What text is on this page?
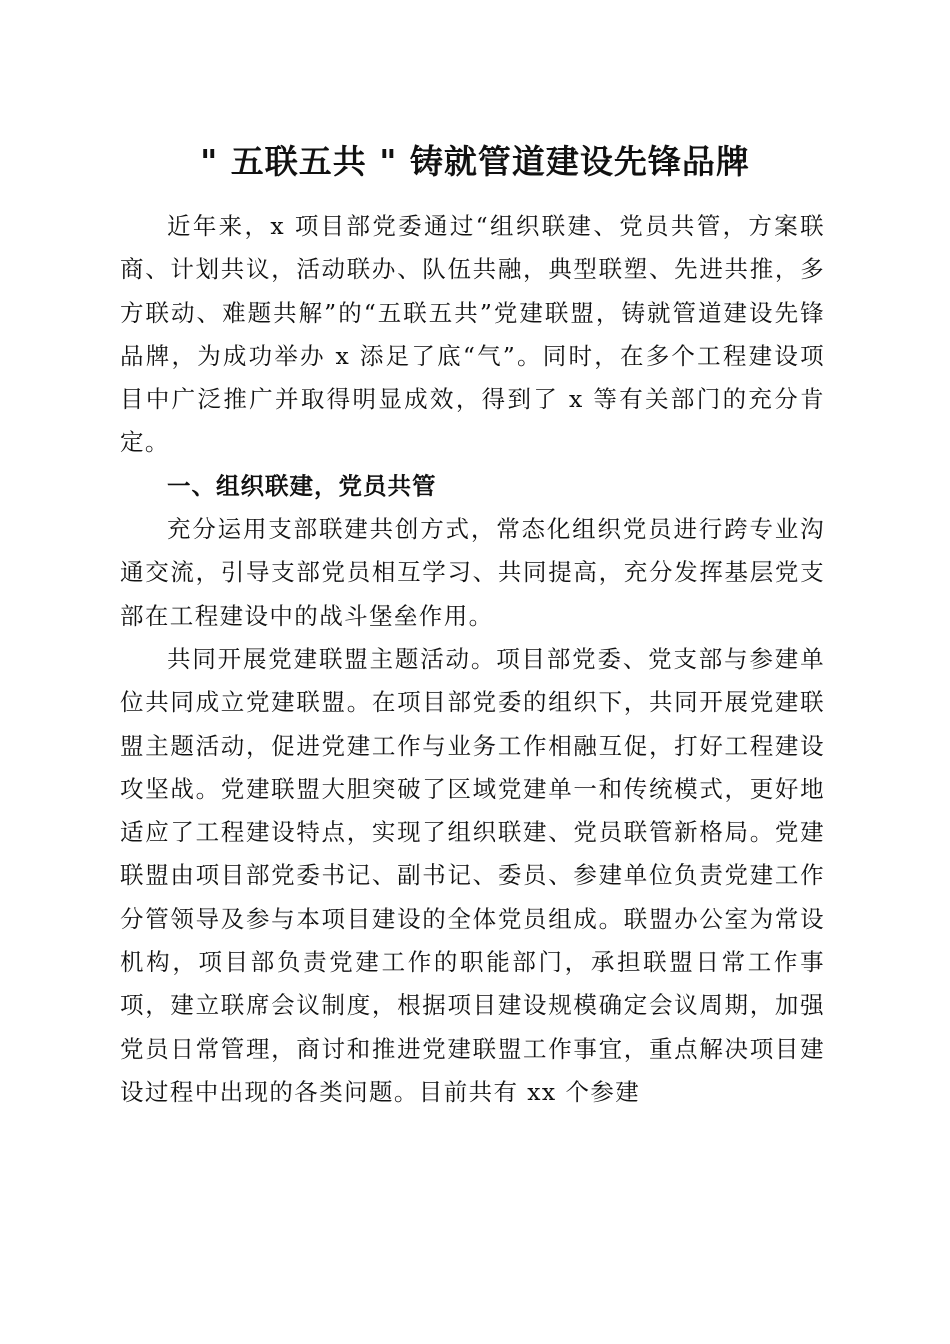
" 五联五共 " 铸就管道建设先锋品牌

近年来，x 项目部党委通过“组织联建、党员共管，方案联商、计划共议，活动联办、队伍共融，典型联塑、先进共推，多方联动、难题共解”的“五联五共”党建联盟，铸就管道建设先锋品牌，为成功举办 x 添足了底“气”。同时，在多个工程建设项目中广泛推广并取得明显成效，得到了 x 等有关部门的充分肯定。

一、组织联建，党员共管

充分运用支部联建共创方式，常态化组织党员进行跨专业沟通交流，引导支部党员相互学习、共同提高，充分发挥基层党支部在工程建设中的战斗堡垒作用。

共同开展党建联盟主题活动。项目部党委、党支部与参建单位共同成立党建联盟。在项目部党委的组织下，共同开展党建联盟主题活动，促进党建工作与业务工作相融互促，打好工程建设攻坚战。党建联盟大胆突破了区域党建单一和传统模式，更好地适应了工程建设特点，实现了组织联建、党员联管新格局。党建联盟由项目部党委书记、副书记、委员、参建单位负责党建工作分管领导及参与本项目建设的全体党员组成。联盟办公室为常设机构，项目部负责党建工作的职能部门，承担联盟日常工作事项，建立联席会议制度，根据项目建设规模确定会议周期，加强党员日常管理，商讨和推进党建联盟工作事宜，重点解决项目建设过程中出现的各类问题。目前共有 xx 个参建
